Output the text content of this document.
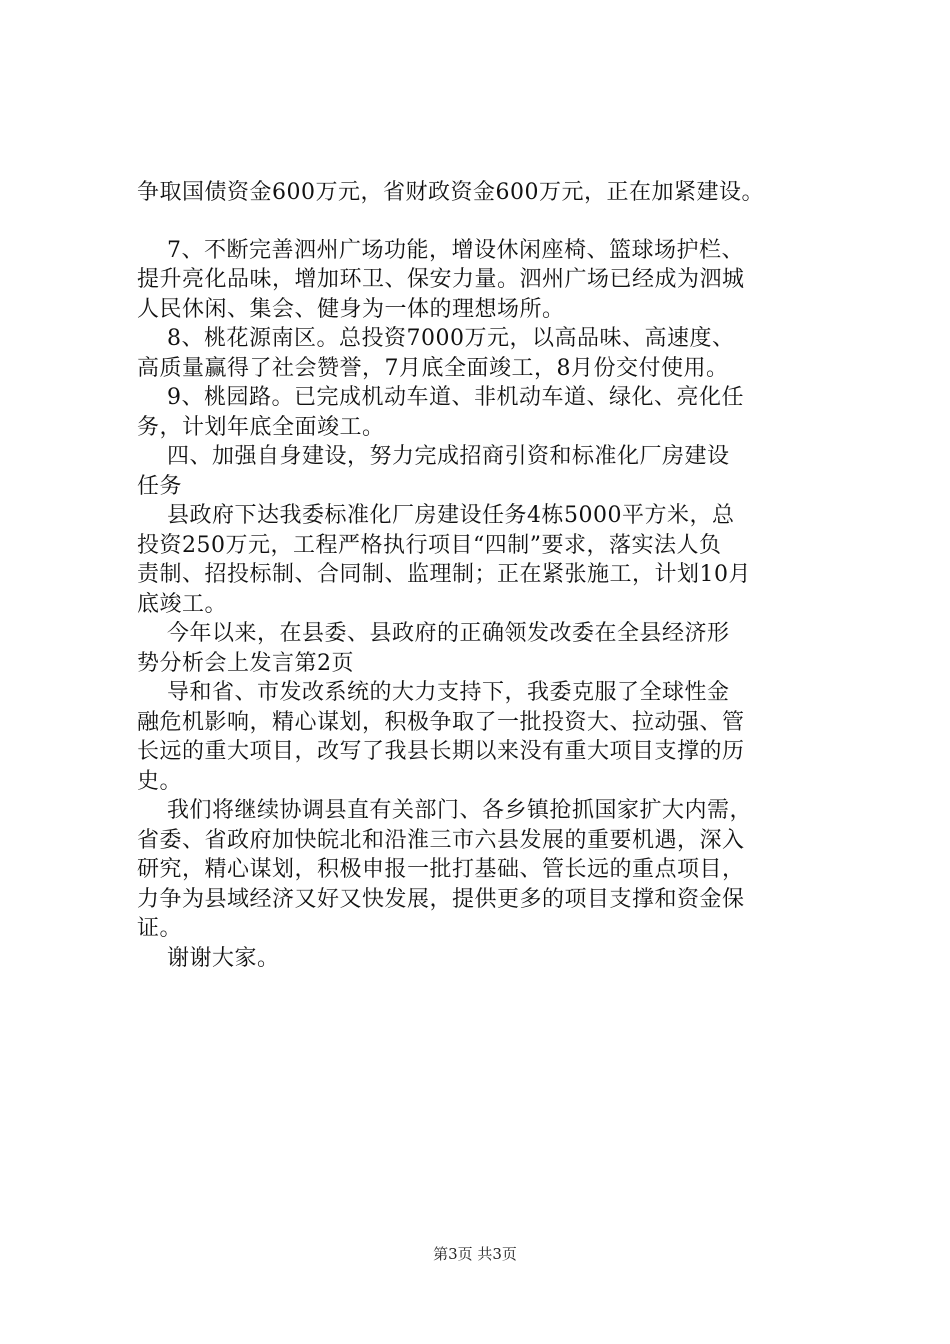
争取国债资金600万元，省财政资金600万元，正在加紧建设。
7、不断完善泗州广场功能，增设休闲座椅、篮球场护栏、
提升亮化品味，增加环卫、保安力量。泗州广场已经成为泗城
人民休闲、集会、健身为一体的理想场所。
8、桃花源南区。总投资7000万元，以高品味、高速度、
高质量赢得了社会赞誉，7月底全面竣工，8月份交付使用。
9、桃园路。已完成机动车道、非机动车道、绿化、亮化任
务，计划年底全面竣工。
四、加强自身建设，努力完成招商引资和标准化厂房建设
任务
县政府下达我委标准化厂房建设任务4栋5000平方米，总
投资250万元，工程严格执行项目“四制”要求，落实法人负
责制、招投标制、合同制、监理制；正在紧张施工，计划10月
底竣工。
今年以来，在县委、县政府的正确领发改委在全县经济形
势分析会上发言第2页
导和省、市发改系统的大力支持下，我委克服了全球性金
融危机影响，精心谋划，积极争取了一批投资大、拉动强、管
长远的重大项目，改写了我县长期以来没有重大项目支撑的历
史。
我们将继续协调县直有关部门、各乡镇抢抓国家扩大内需，
省委、省政府加快皖北和沿淮三市六县发展的重要机遇，深入
研究，精心谋划，积极申报一批打基础、管长远的重点项目，
力争为县域经济又好又快发展，提供更多的项目支撑和资金保
证。
谢谢大家。
第3页 共3页
